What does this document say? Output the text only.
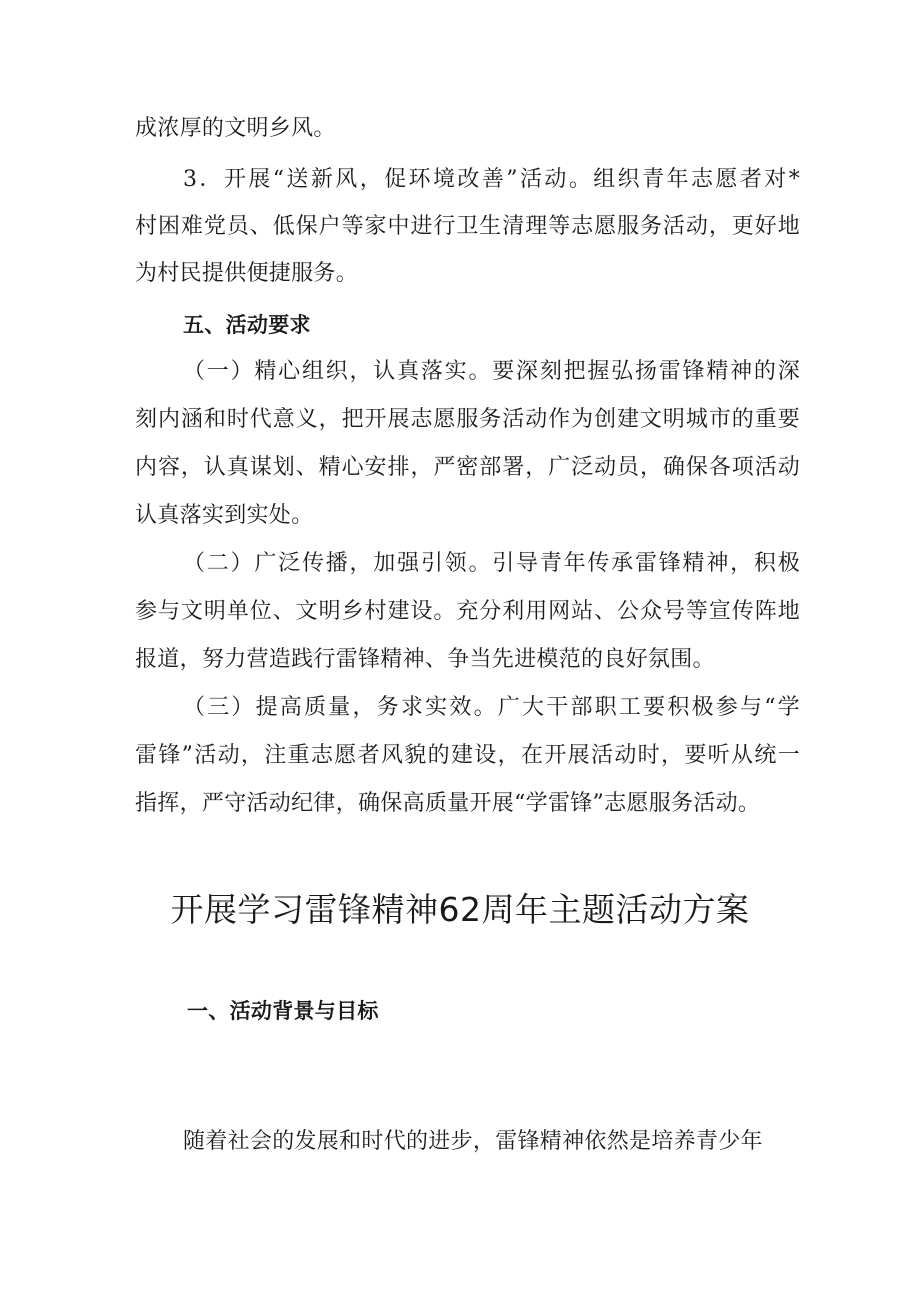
成浓厚的文明乡风。
3．开展“送新风，促环境改善”活动。组织青年志愿者对*
村困难党员、低保户等家中进行卫生清理等志愿服务活动，更好地
为村民提供便捷服务。
五、活动要求
（一）精心组织，认真落实。要深刻把握弘扬雷锋精神的深
刻内涵和时代意义，把开展志愿服务活动作为创建文明城市的重要
内容，认真谋划、精心安排，严密部署，广泛动员，确保各项活动
认真落实到实处。
（二）广泛传播，加强引领。引导青年传承雷锋精神，积极
参与文明单位、文明乡村建设。充分利用网站、公众号等宣传阵地
报道，努力营造践行雷锋精神、争当先进模范的良好氛围。
（三）提高质量，务求实效。广大干部职工要积极参与“学
雷锋”活动，注重志愿者风貌的建设，在开展活动时，要听从统一
指挥，严守活动纪律，确保高质量开展“学雷锋”志愿服务活动。
开展学习雷锋精神62周年主题活动方案
一、活动背景与目标
随着社会的发展和时代的进步，雷锋精神依然是培养青少年
